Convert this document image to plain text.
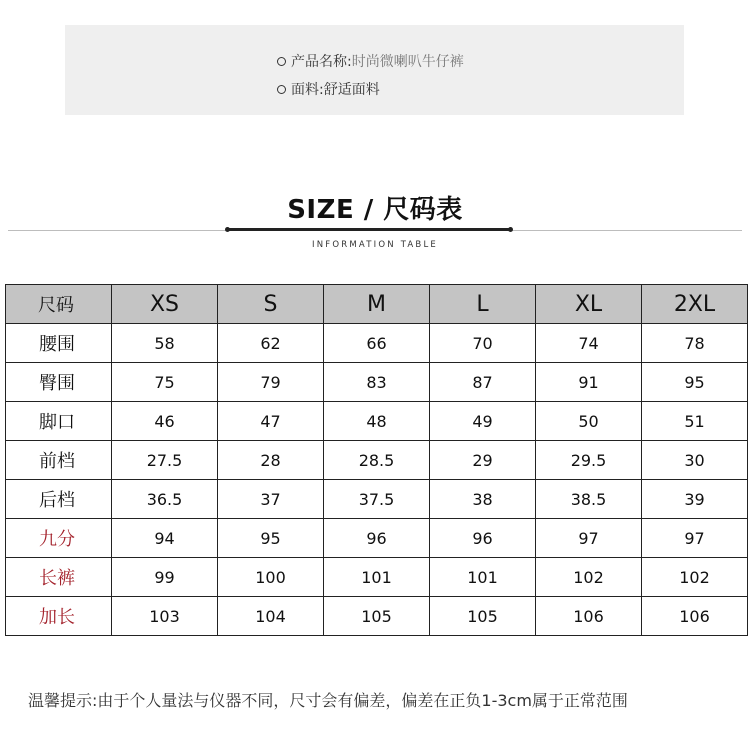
产品名称: 时尚微喇叭牛仔裤
面料: 舒适面料
SIZE / 尺码表
INFORMATION TABLE
尺码	XS	S	M	L	XL	2XL
腰围	58	62	66	70	74	78
臀围	75	79	83	87	91	95
脚口	46	47	48	49	50	51
前档	27.5	28	28.5	29	29.5	30
后档	36.5	37	37.5	38	38.5	39
九分	94	95	96	96	97	97
长裤	99	100	101	101	102	102
加长	103	104	105	105	106	106
温馨提示:由于个人量法与仪器不同，尺寸会有偏差，偏差在正负1-3cm属于正常范围
